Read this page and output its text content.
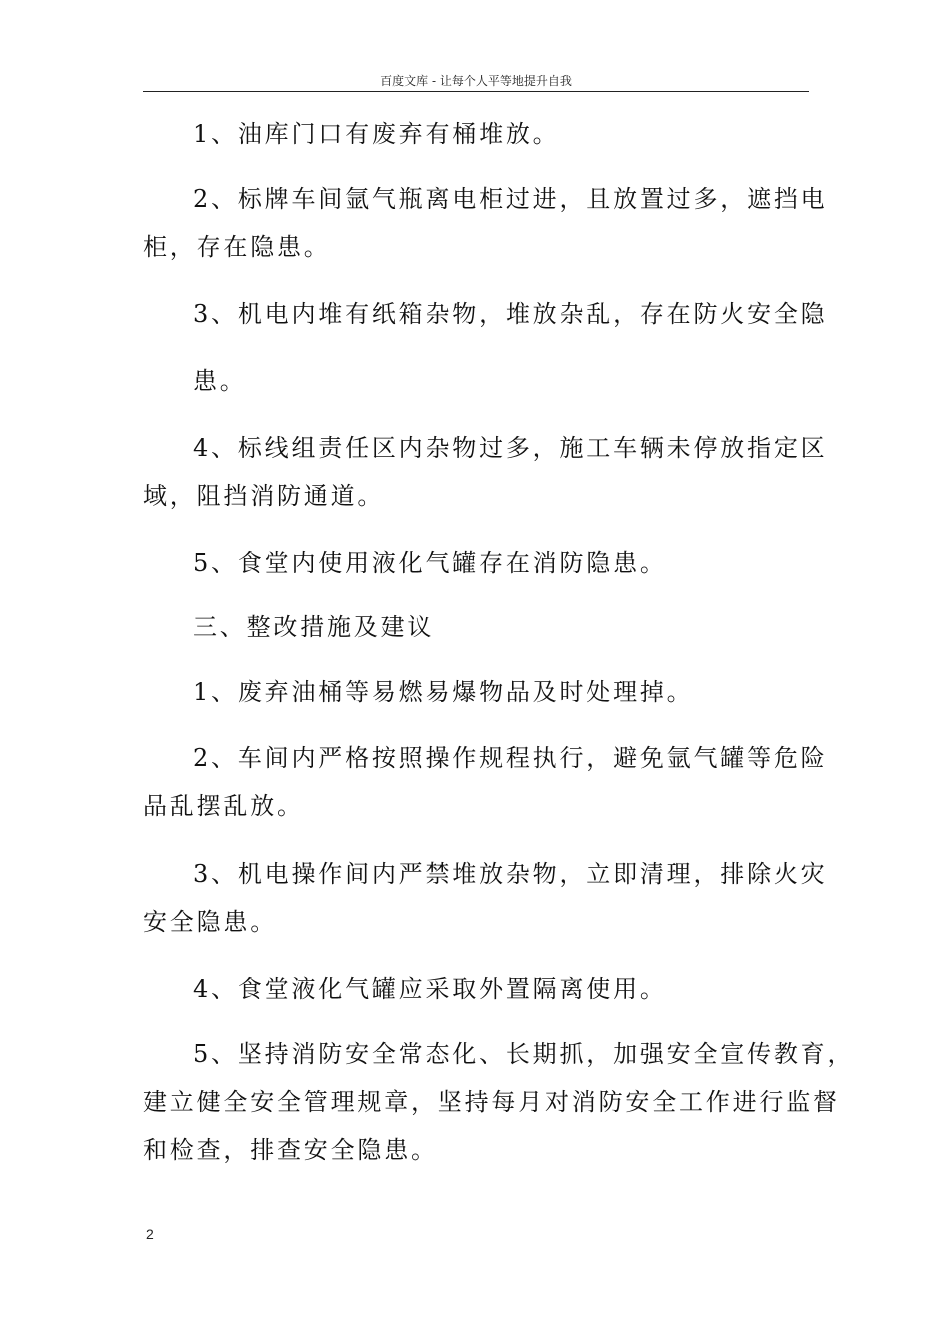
百度文库 - 让每个人平等地提升自我
1、油库门口有废弃有桶堆放。
2、标牌车间氩气瓶离电柜过进，且放置过多，遮挡电
柜，存在隐患。
3、机电内堆有纸箱杂物，堆放杂乱，存在防火安全隐
患。
4、标线组责任区内杂物过多，施工车辆未停放指定区
域，阻挡消防通道。
5、食堂内使用液化气罐存在消防隐患。
三、整改措施及建议
1、废弃油桶等易燃易爆物品及时处理掉。
2、车间内严格按照操作规程执行，避免氩气罐等危险
品乱摆乱放。
3、机电操作间内严禁堆放杂物，立即清理，排除火灾
安全隐患。
4、食堂液化气罐应采取外置隔离使用。
5、坚持消防安全常态化、长期抓，加强安全宣传教育，
建立健全安全管理规章，坚持每月对消防安全工作进行监督
和检查，排查安全隐患。
2
